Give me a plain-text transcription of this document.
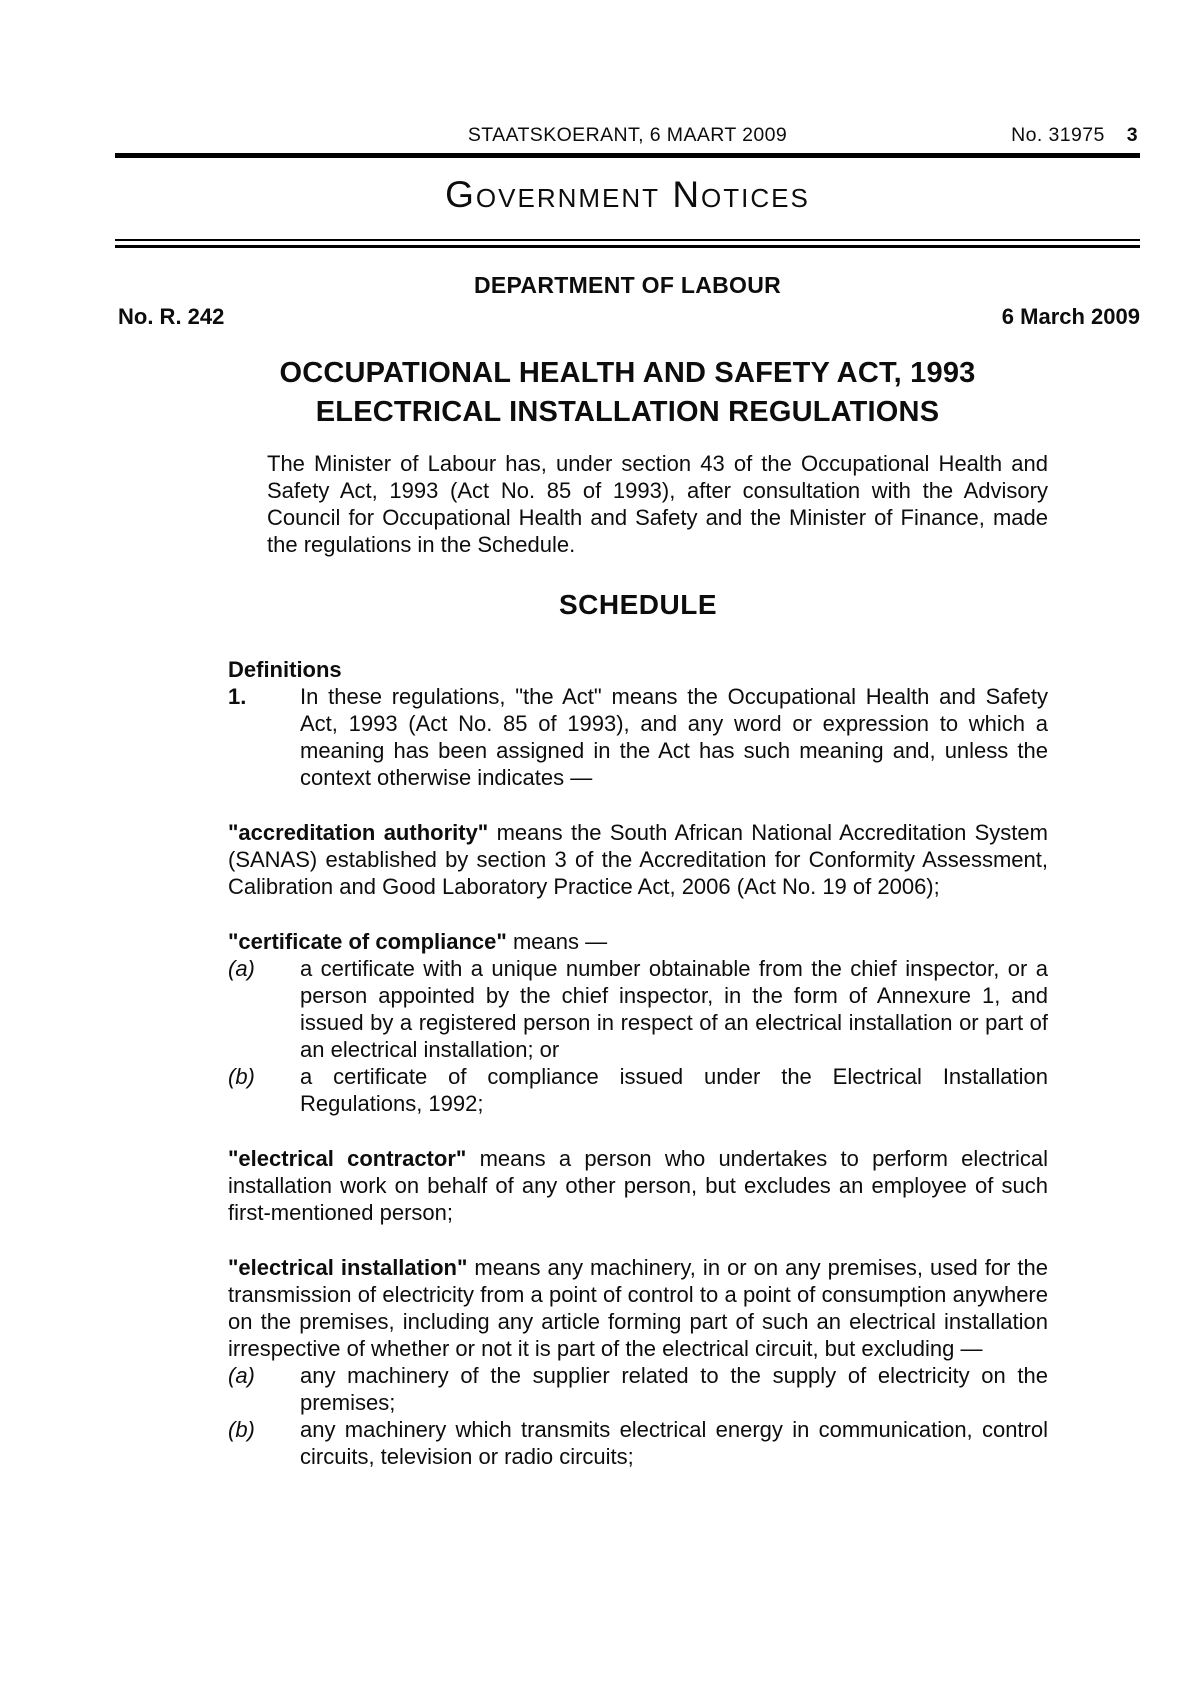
STAATSKOERANT, 6 MAART 2009	No. 31975 3
Government Notices
DEPARTMENT OF LABOUR
No. R. 242	6 March 2009
OCCUPATIONAL HEALTH AND SAFETY ACT, 1993
ELECTRICAL INSTALLATION REGULATIONS

The Minister of Labour has, under section 43 of the Occupational Health and Safety Act, 1993 (Act No. 85 of 1993), after consultation with the Advisory Council for Occupational Health and Safety and the Minister of Finance, made the regulations in the Schedule.

SCHEDULE

Definitions

1.	In these regulations, "the Act" means the Occupational Health and Safety Act, 1993 (Act No. 85 of 1993), and any word or expression to which a meaning has been assigned in the Act has such meaning and, unless the context otherwise indicates —

"accreditation authority" means the South African National Accreditation System (SANAS) established by section 3 of the Accreditation for Conformity Assessment, Calibration and Good Laboratory Practice Act, 2006 (Act No. 19 of 2006);

"certificate of compliance" means —

(a)	a certificate with a unique number obtainable from the chief inspector, or a person appointed by the chief inspector, in the form of Annexure 1, and issued by a registered person in respect of an electrical installation or part of an electrical installation; or
(b)	a certificate of compliance issued under the Electrical Installation Regulations, 1992;

"electrical contractor" means a person who undertakes to perform electrical installation work on behalf of any other person, but excludes an employee of such first-mentioned person;

"electrical installation" means any machinery, in or on any premises, used for the transmission of electricity from a point of control to a point of consumption anywhere on the premises, including any article forming part of such an electrical installation irrespective of whether or not it is part of the electrical circuit, but excluding —

(a)	any machinery of the supplier related to the supply of electricity on the premises;
(b)	any machinery which transmits electrical energy in communication, control circuits, television or radio circuits;
